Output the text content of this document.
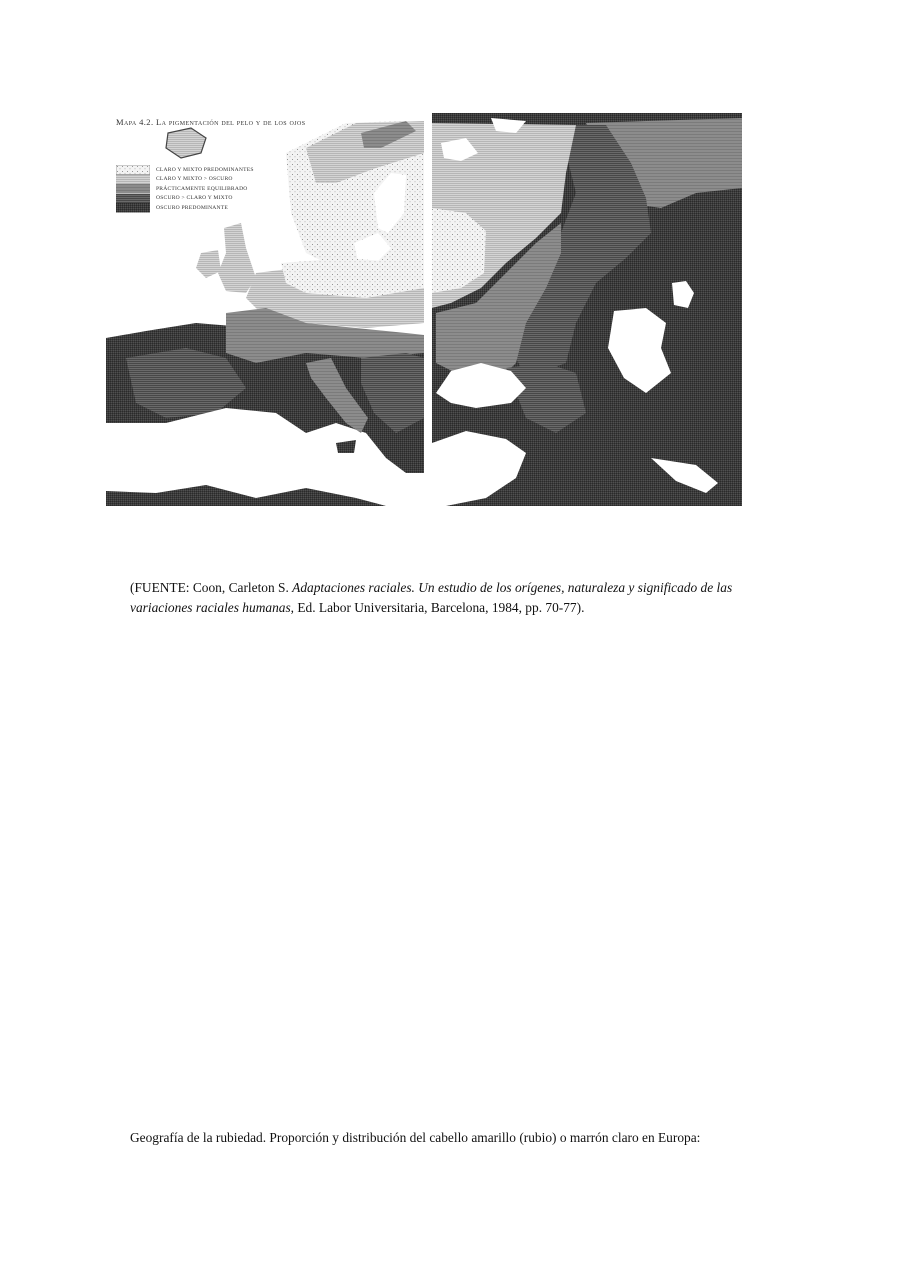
Mapa 4.2. La pigmentación del pelo y de los ojos
CLARO Y MIXTO PREDOMINANTES
CLARO Y MIXTO > OSCURO
PRÁCTICAMENTE EQUILIBRADO
OSCURO > CLARO Y MIXTO
OSCURO PREDOMINANTE
(FUENTE: Coon, Carleton S. Adaptaciones raciales. Un estudio de los orígenes, naturaleza y significado de las variaciones raciales humanas, Ed. Labor Universitaria, Barcelona, 1984, pp. 70-77).
Geografía de la rubiedad. Proporción y distribución del cabello amarillo (rubio) o marrón claro en Europa:
